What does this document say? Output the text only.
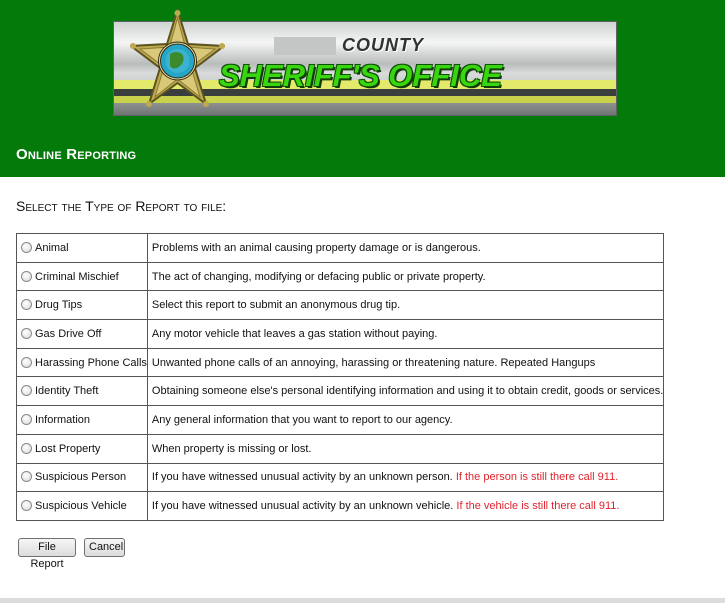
COUNTY
SHERIFF'S OFFICE
Online Reporting
Select the Type of Report to file:
Animal	Problems with an animal causing property damage or is dangerous.
Criminal Mischief	The act of changing, modifying or defacing public or private property.
Drug Tips	Select this report to submit an anonymous drug tip.
Gas Drive Off	Any motor vehicle that leaves a gas station without paying.
Harassing Phone Calls	Unwanted phone calls of an annoying, harassing or threatening nature. Repeated Hangups
Identity Theft	Obtaining someone else's personal identifying information and using it to obtain credit, goods or services.
Information	Any general information that you want to report to our agency.
Lost Property	When property is missing or lost.
Suspicious Person	If you have witnessed unusual activity by an unknown person. If the person is still there call 911.
Suspicious Vehicle	If you have witnessed unusual activity by an unknown vehicle. If the vehicle is still there call 911.
File Report
Cancel
